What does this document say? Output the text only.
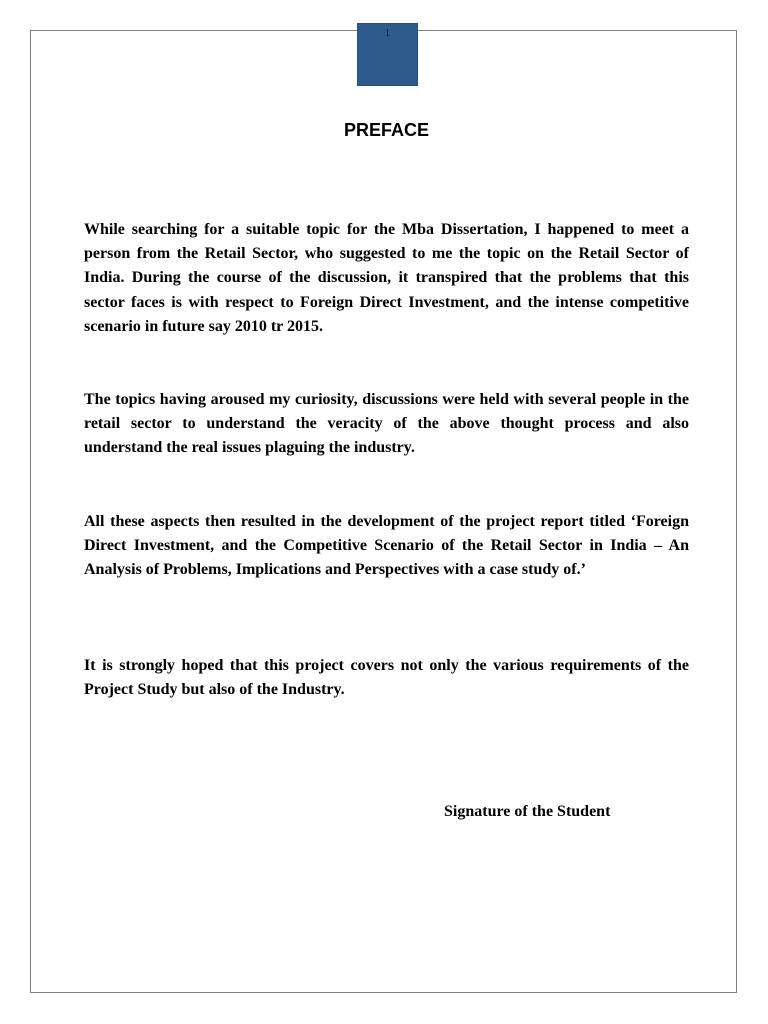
1
PREFACE

While searching for a suitable topic for the Mba Dissertation, I happened to meet a person from the Retail Sector, who suggested to me the topic on the Retail Sector of India. During the course of the discussion, it transpired that the problems that this sector faces is with respect to Foreign Direct Investment, and the intense competitive scenario in future say 2010 tr 2015.

The topics having aroused my curiosity, discussions were held with several people in the retail sector to understand the veracity of the above thought process and also understand the real issues plaguing the industry.

All these aspects then resulted in the development of the project report titled ‘Foreign Direct Investment, and the Competitive Scenario of the Retail Sector in India – An Analysis of Problems, Implications and Perspectives with a case study of.’

It is strongly hoped that this project covers not only the various requirements of the Project Study but also of the Industry.

Signature of the Student
